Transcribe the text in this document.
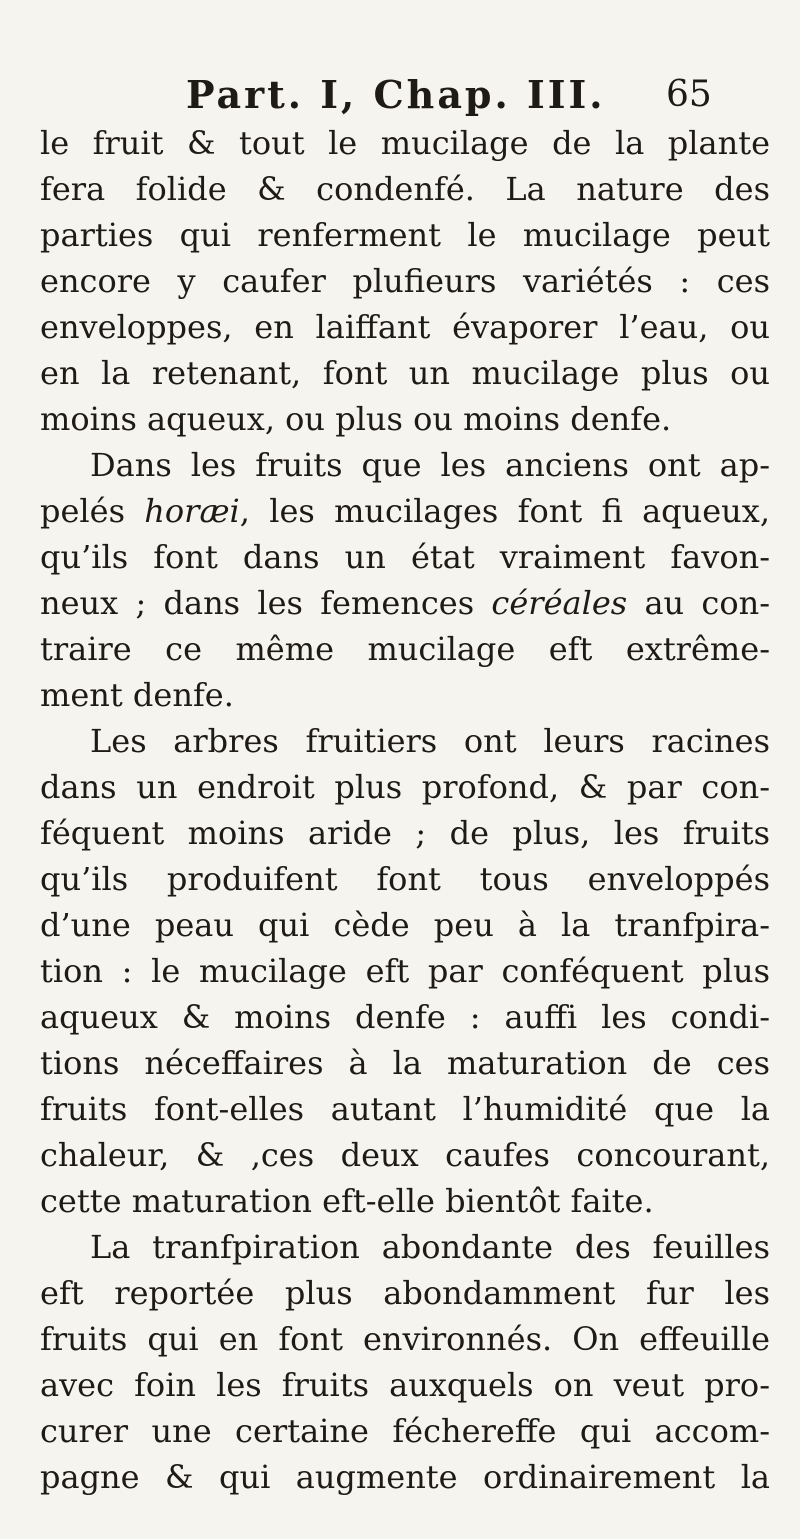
Part. I, Chap. III. 65
le fruit & tout le mucilage de la plante
fera folide & condenfé. La nature des
parties qui renferment le mucilage peut
encore y caufer plufieurs variétés : ces
enveloppes, en laiffant évaporer l’eau, ou
en la retenant, font un mucilage plus ou
moins aqueux, ou plus ou moins denfe.
Dans les fruits que les anciens ont ap-
pelés horæi, les mucilages font fi aqueux,
qu’ils font dans un état vraiment favon-
neux ; dans les femences céréales au con-
traire ce même mucilage eft extrême-
ment denfe.
Les arbres fruitiers ont leurs racines
dans un endroit plus profond, & par con-
féquent moins aride ; de plus, les fruits
qu’ils produifent font tous enveloppés
d’une peau qui cède peu à la tranfpira-
tion : le mucilage eft par conféquent plus
aqueux & moins denfe : auffi les condi-
tions néceffaires à la maturation de ces
fruits font-elles autant l’humidité que la
chaleur, & ,ces deux caufes concourant,
cette maturation eft-elle bientôt faite.
La tranfpiration abondante des feuilles
eft reportée plus abondamment fur les
fruits qui en font environnés. On effeuille
avec foin les fruits auxquels on veut pro-
curer une certaine féchereffe qui accom-
pagne & qui augmente ordinairement la
